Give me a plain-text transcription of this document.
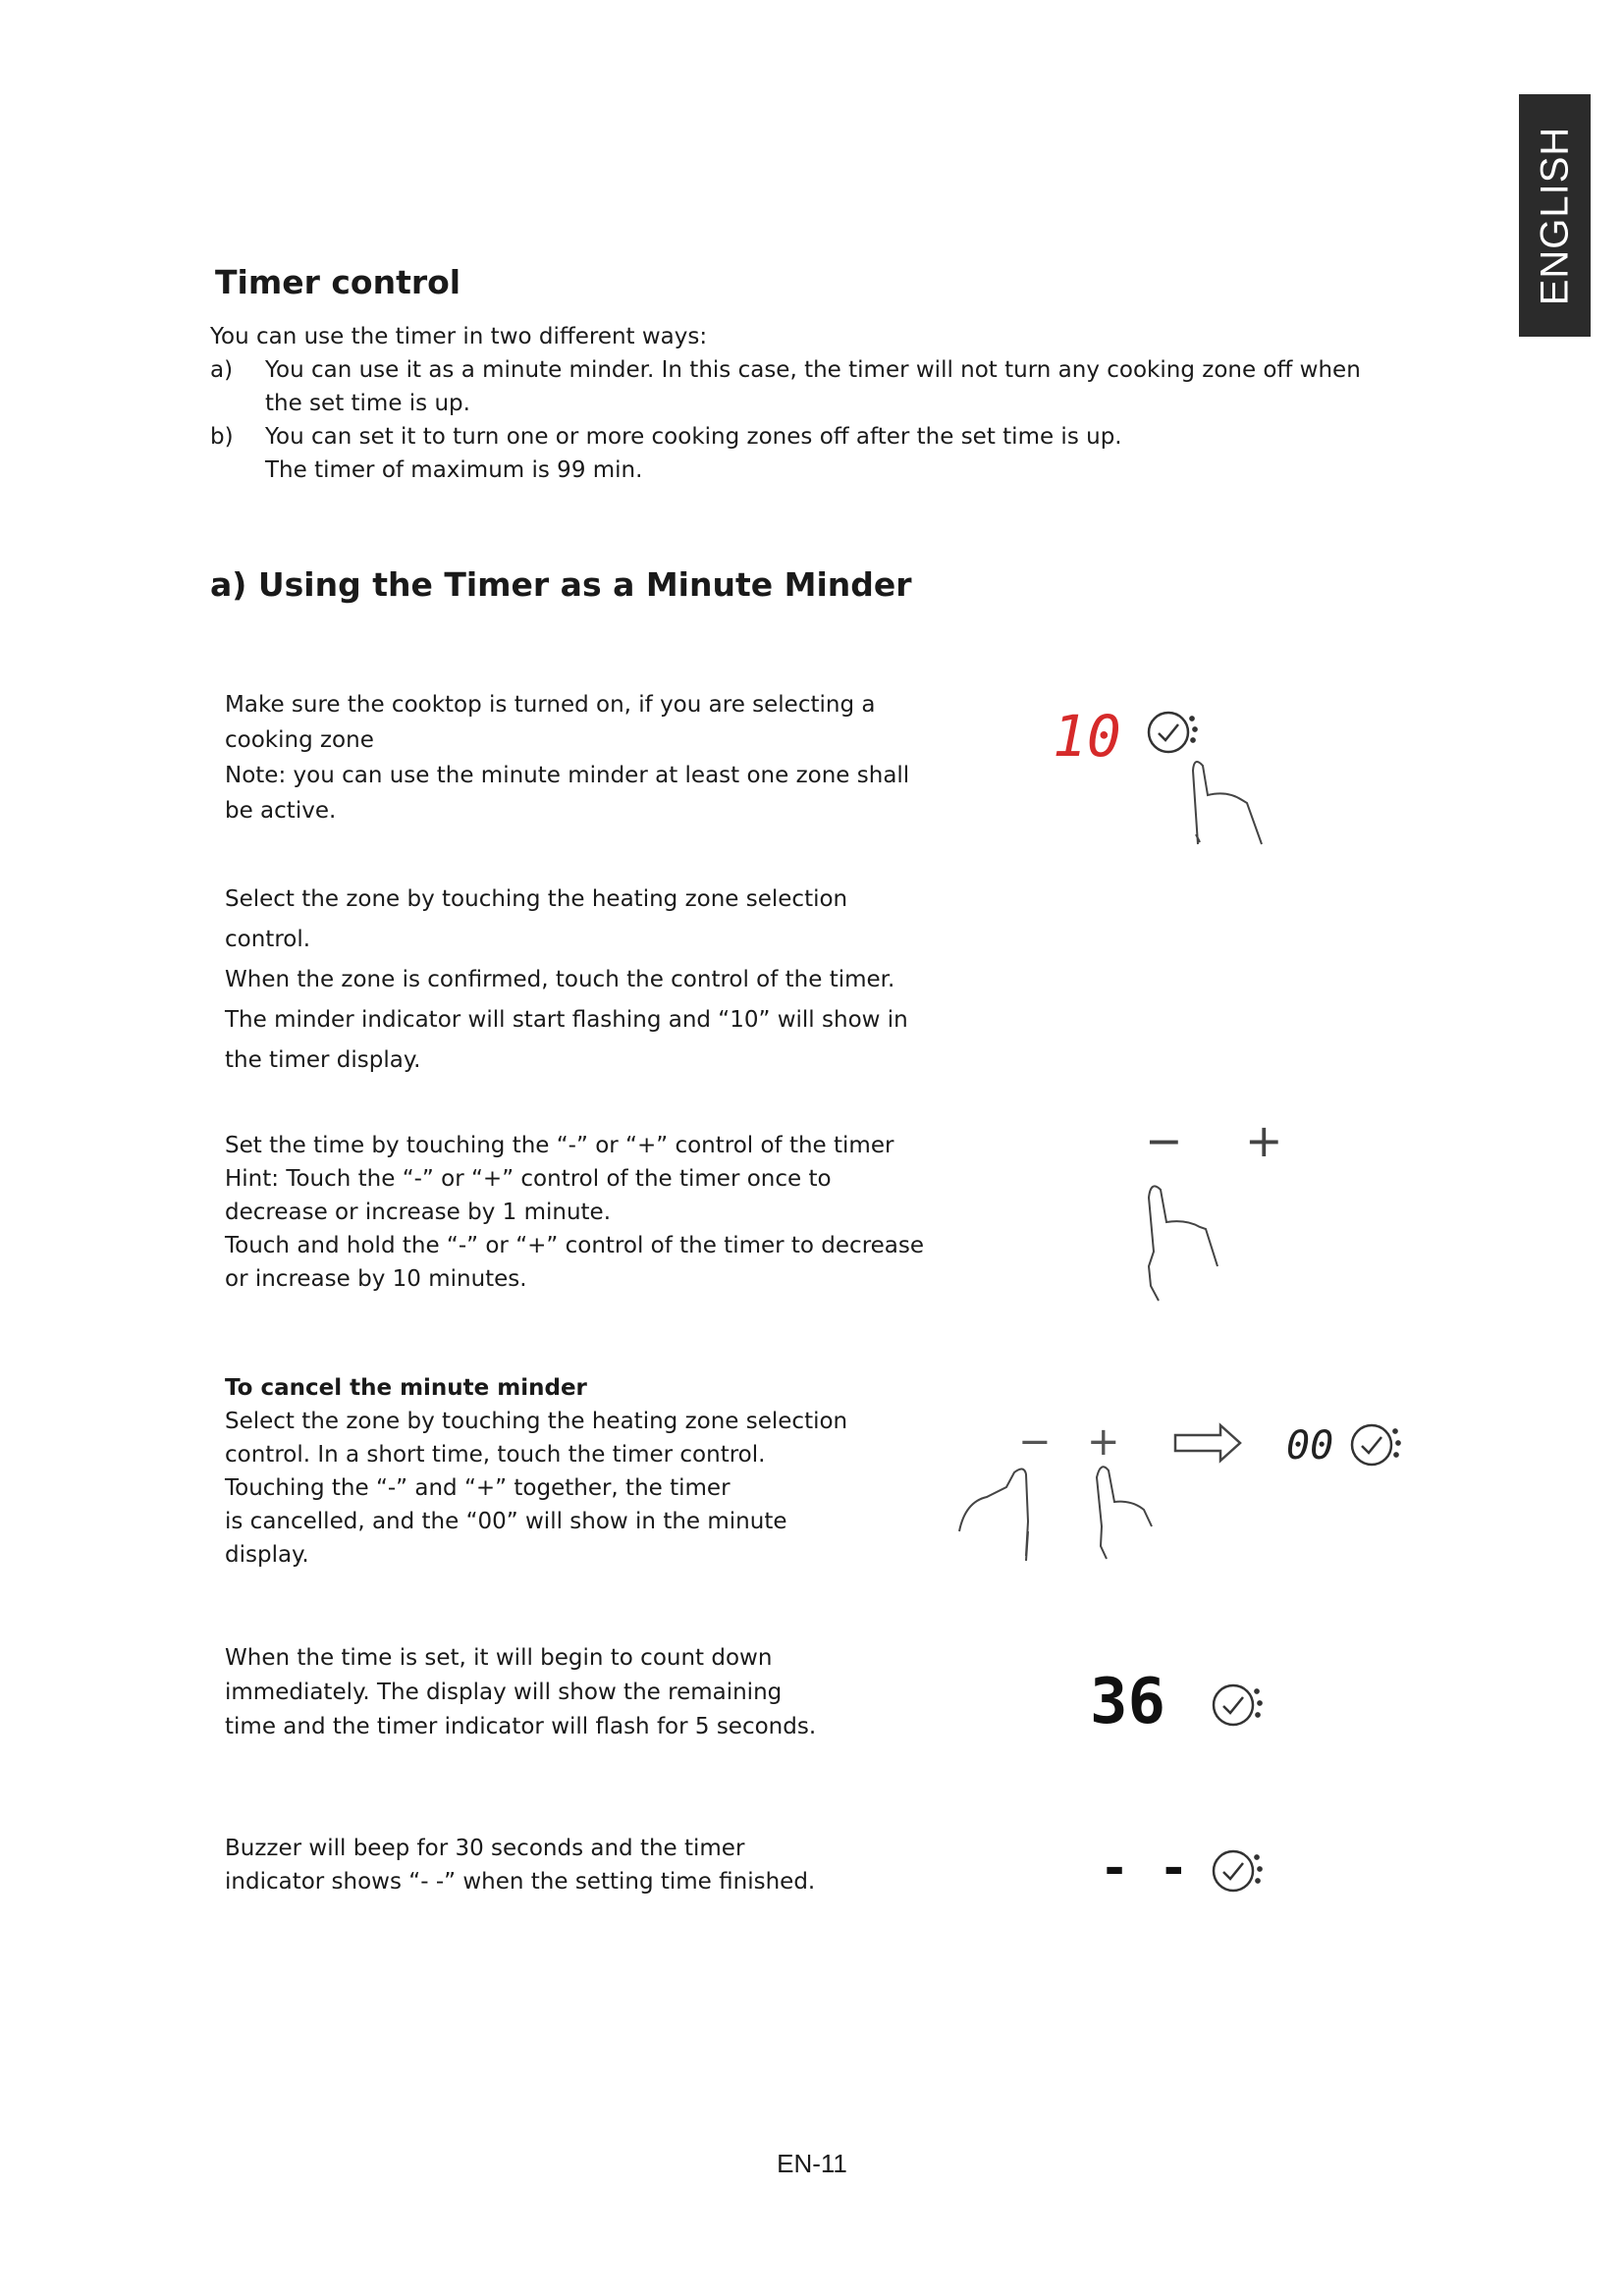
ENGLISH
Timer control
You can use the timer in two different ways:
a)	You can use it as a minute minder. In this case, the timer will not turn any cooking zone off when
the set time is up.
b)	You can set it to turn one or more cooking zones off after the set time is up.
The timer of maximum is 99 min.
a) Using the Timer as a Minute Minder

Make sure the cooktop is turned on, if you are selecting a

cooking zone

Note: you can use the minute minder at least one zone shall

be active.

Select the zone by touching the heating zone selection

control.

When the zone is confirmed, touch the control of the timer.

The minder indicator will start flashing and “10” will show in

the timer display.

Set the time by touching the “-” or “+” control of the timer

Hint: Touch the “-” or “+” control of the timer once to

decrease or increase by 1 minute.

Touch and hold the “-” or “+” control of the timer to decrease

or increase by 10 minutes.

To cancel the minute minder

Select the zone by touching the heating zone selection

control. In a short time, touch the timer control.

Touching the “-” and “+” together, the timer

is cancelled, and the “00” will show in the minute

display.

When the time is set, it will begin to count down

immediately. The display will show the remaining

time and the timer indicator will flash for 5 seconds.

Buzzer will beep for 30 seconds and the timer

indicator shows “- -” when the setting time finished.

10
− +
− +	00
36
- -
EN-11
